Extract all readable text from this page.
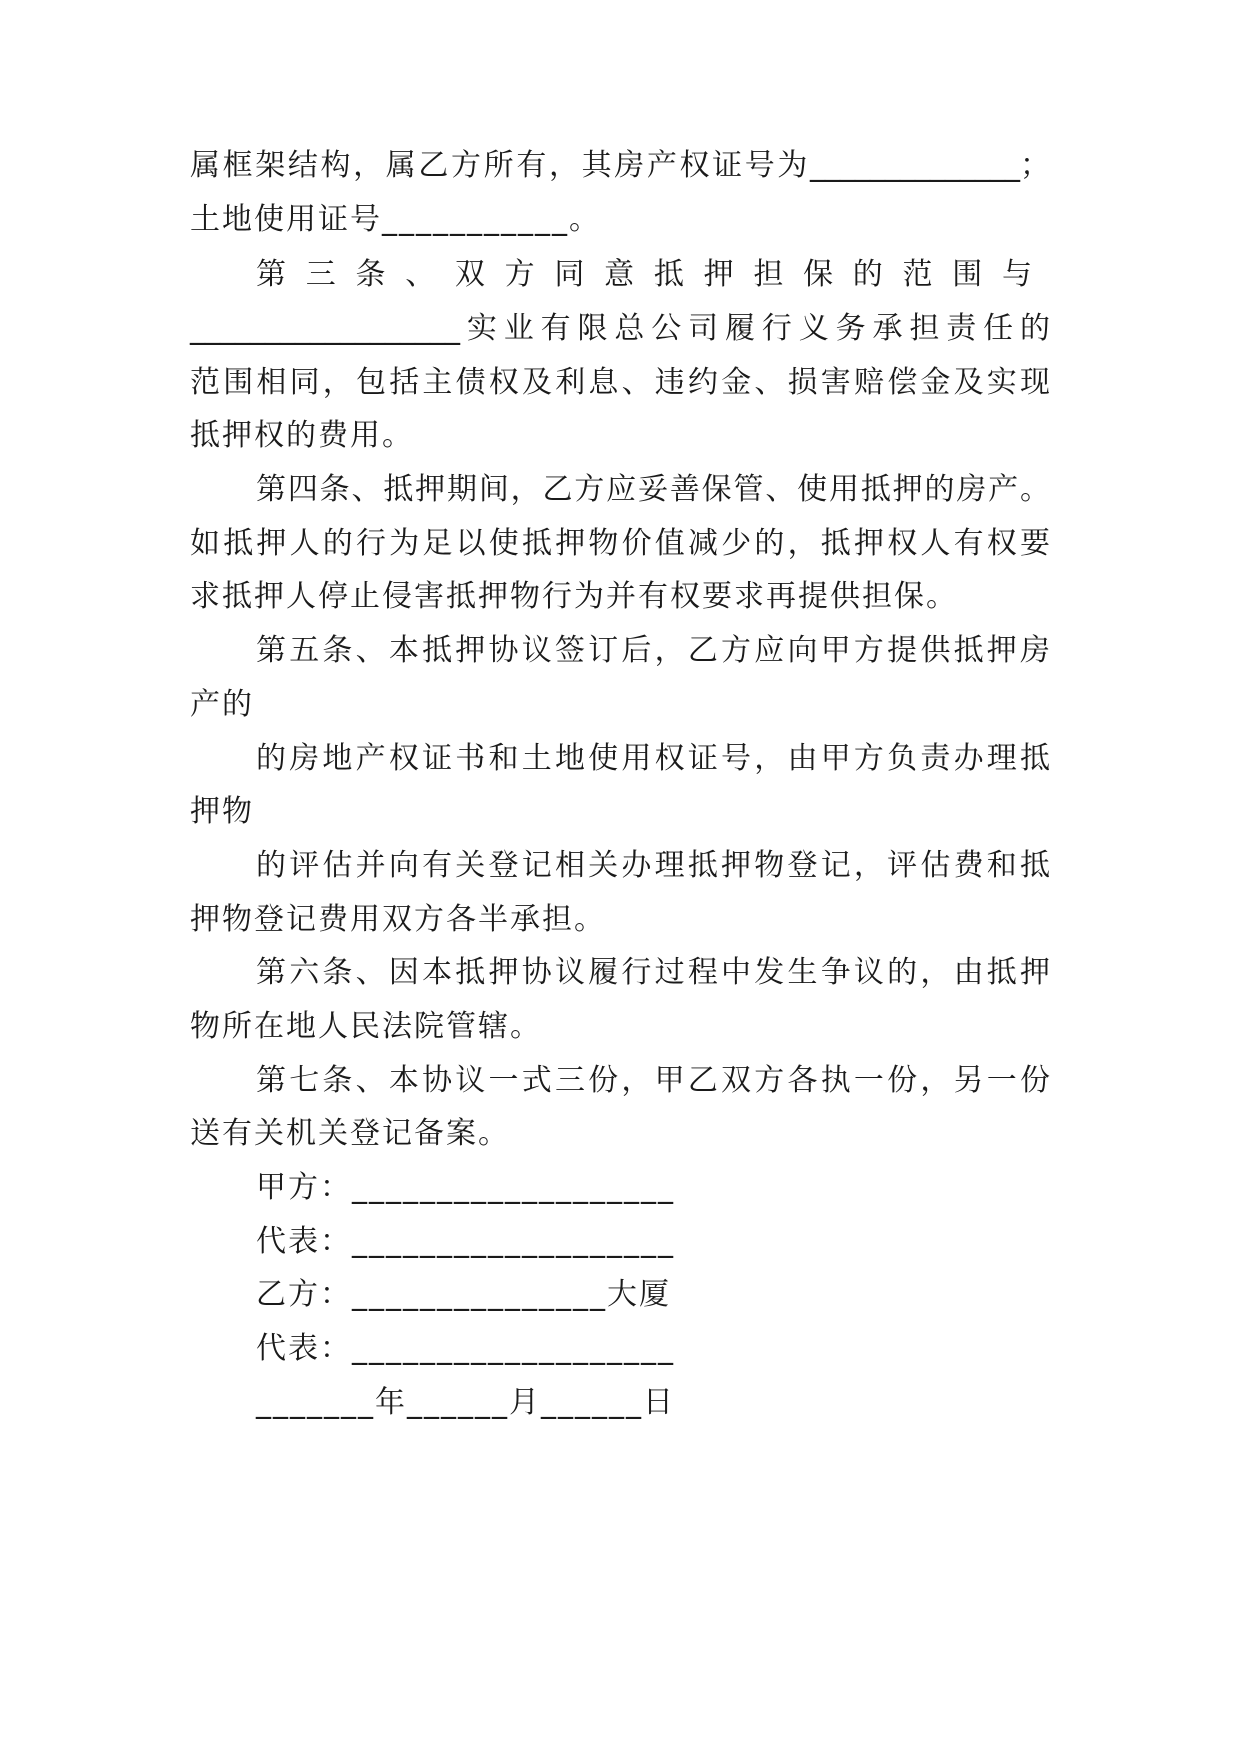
属框架结构，属乙方所有，其房产权证号为______________；
土地使用证号___________。
第三条、双方同意抵押担保的范围与
__________________实业有限总公司履行义务承担责任的
范围相同，包括主债权及利息、违约金、损害赔偿金及实现
抵押权的费用。
第四条、抵押期间，乙方应妥善保管、使用抵押的房产。
如抵押人的行为足以使抵押物价值减少的，抵押权人有权要
求抵押人停止侵害抵押物行为并有权要求再提供担保。
第五条、本抵押协议签订后，乙方应向甲方提供抵押房
产的
的房地产权证书和土地使用权证号，由甲方负责办理抵
押物
的评估并向有关登记相关办理抵押物登记，评估费和抵
押物登记费用双方各半承担。
第六条、因本抵押协议履行过程中发生争议的，由抵押
物所在地人民法院管辖。
第七条、本协议一式三份，甲乙双方各执一份，另一份
送有关机关登记备案。
甲方：___________________
代表：___________________
乙方：_______________大厦
代表：___________________
_______年______月______日
